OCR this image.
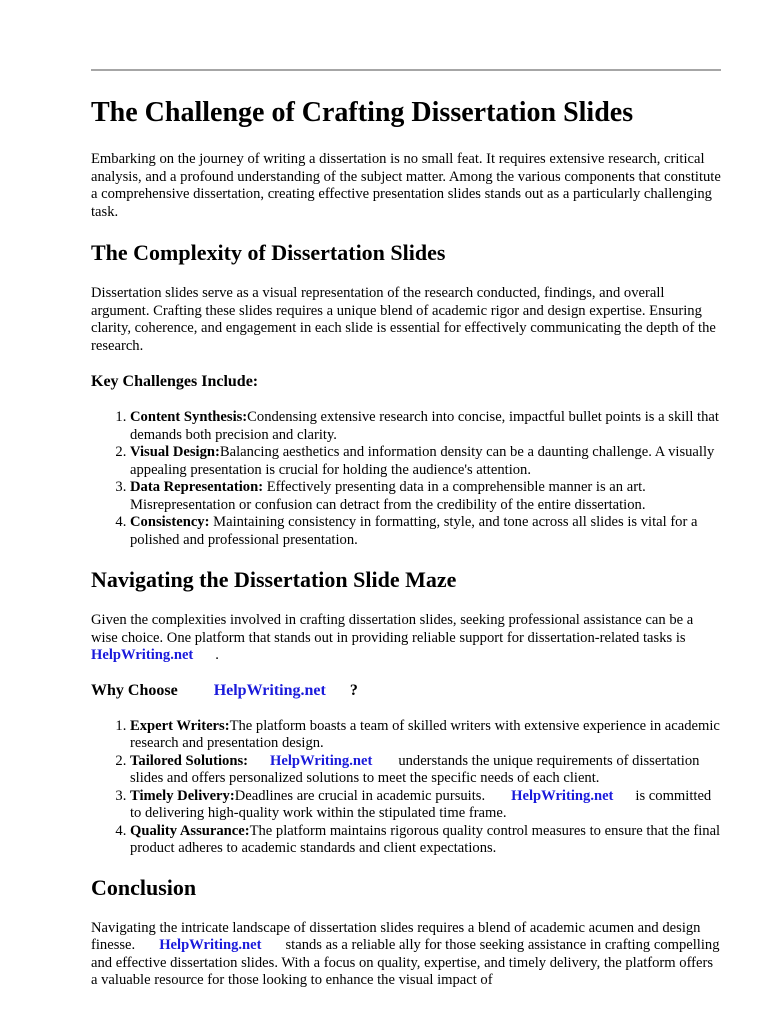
The Challenge of Crafting Dissertation Slides

Embarking on the journey of writing a dissertation is no small feat. It requires extensive research, critical analysis, and a profound understanding of the subject matter. Among the various components that constitute a comprehensive dissertation, creating effective presentation slides stands out as a particularly challenging task.

The Complexity of Dissertation Slides

Dissertation slides serve as a visual representation of the research conducted, findings, and overall argument. Crafting these slides requires a unique blend of academic rigor and design expertise. Ensuring clarity, coherence, and engagement in each slide is essential for effectively communicating the depth of the research.

Key Challenges Include:
1. Content Synthesis:Condensing extensive research into concise, impactful bullet points is a skill that demands both precision and clarity.
2. Visual Design:Balancing aesthetics and information density can be a daunting challenge. A visually appealing presentation is crucial for holding the audience's attention.
3. Data Representation: Effectively presenting data in a comprehensible manner is an art. Misrepresentation or confusion can detract from the credibility of the entire dissertation.
4. Consistency: Maintaining consistency in formatting, style, and tone across all slides is vital for a polished and professional presentation.
Navigating the Dissertation Slide Maze

Given the complexities involved in crafting dissertation slides, seeking professional assistance can be a wise choice. One platform that stands out in providing reliable support for dissertation-related tasks isHelpWriting.net .

Why Choose HelpWriting.net ?
1. Expert Writers:The platform boasts a team of skilled writers with extensive experience in academic research and presentation design.
2. Tailored Solutions: HelpWriting.net understands the unique requirements of dissertation slides and offers personalized solutions to meet the specific needs of each client.
3. Timely Delivery:Deadlines are crucial in academic pursuits. HelpWriting.net is committed to delivering high-quality work within the stipulated time frame.
4. Quality Assurance:The platform maintains rigorous quality control measures to ensure that the final product adheres to academic standards and client expectations.
Conclusion

Navigating the intricate landscape of dissertation slides requires a blend of academic acumen and design finesse. HelpWriting.net stands as a reliable ally for those seeking assistance in crafting compelling and effective dissertation slides. With a focus on quality, expertise, and timely delivery, the platform offers a valuable resource for those looking to enhance the visual impact of
